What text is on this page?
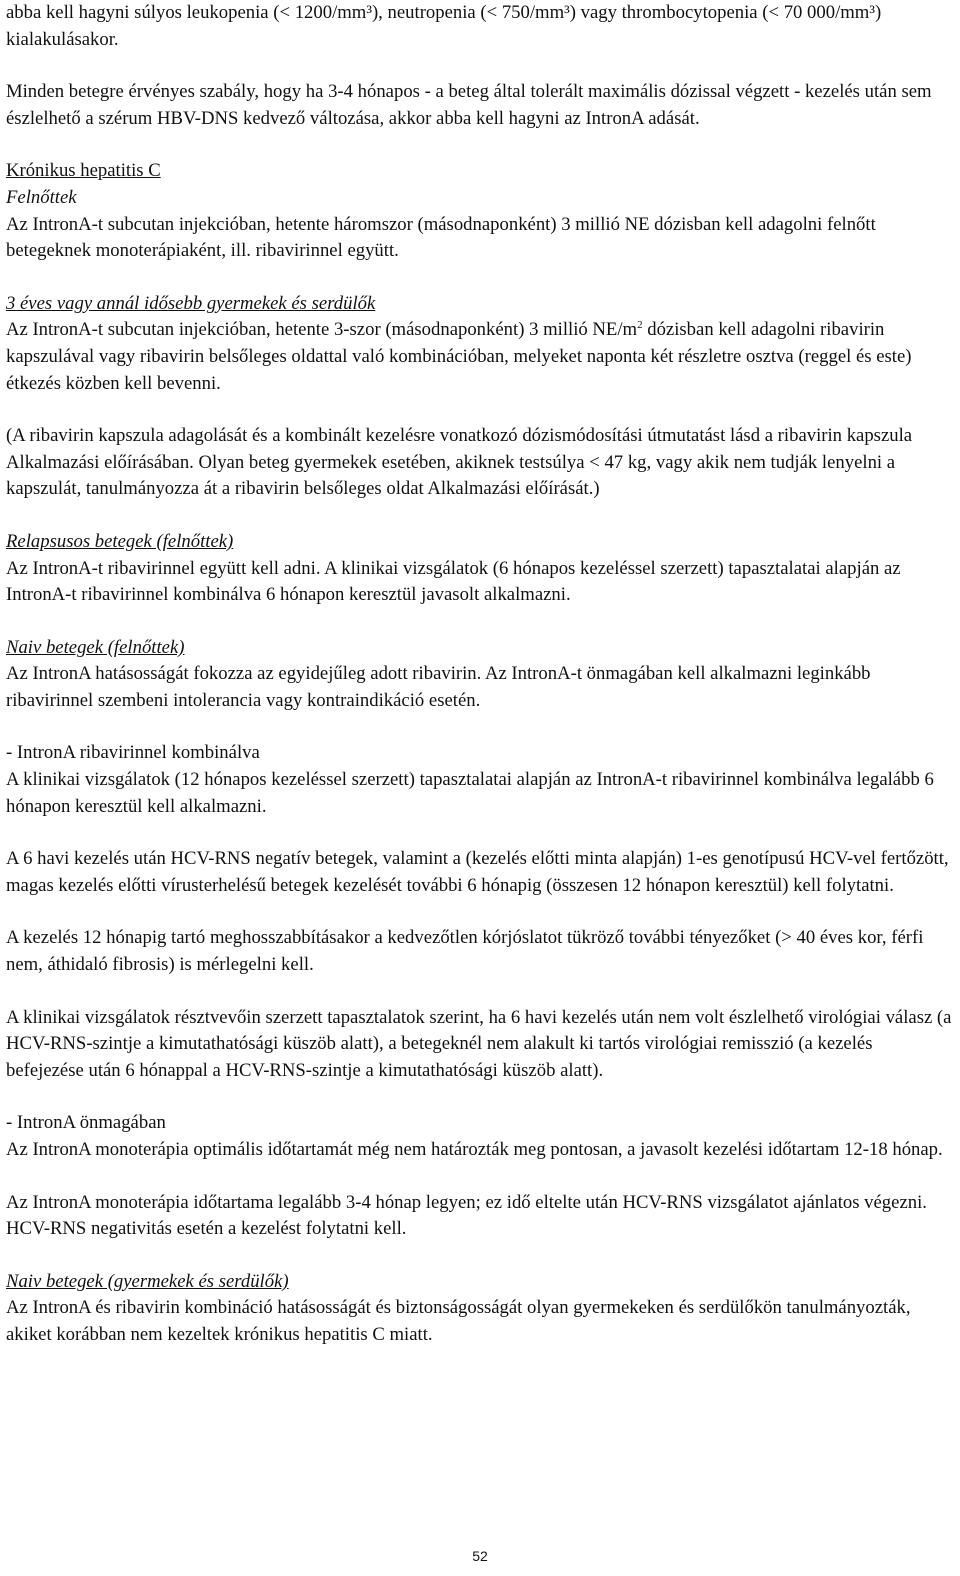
abba kell hagyni súlyos leukopenia (< 1200/mm³), neutropenia (< 750/mm³) vagy thrombocytopenia (< 70 000/mm³) kialakulásakor.

Minden betegre érvényes szabály, hogy ha 3-4 hónapos - a beteg által tolerált maximális dózissal végzett - kezelés után sem észlelhető a szérum HBV-DNS kedvező változása, akkor abba kell hagyni az IntronA adását.

Krónikus hepatitis C

Felnőttek

Az IntronA-t subcutan injekcióban, hetente háromszor (másodnaponként) 3 millió NE dózisban kell adagolni felnőtt betegeknek monoterápiaként, ill. ribavirinnel együtt.

3 éves vagy annál idősebb gyermekek és serdülők

Az IntronA-t subcutan injekcióban, hetente 3-szor (másodnaponként) 3 millió $NE/m^2$ dózisban kell adagolni ribavirin kapszulával vagy ribavirin belsőleges oldattal való kombinációban, melyeket naponta két részletre osztva (reggel és este) étkezés közben kell bevenni.

(A ribavirin kapszula adagolását és a kombinált kezelésre vonatkozó dózismódosítási útmutatást lásd a ribavirin kapszula Alkalmazási előírásában. Olyan beteg gyermekek esetében, akiknek testsúlya < 47 kg, vagy akik nem tudják lenyelni a kapszulát, tanulmányozza át a ribavirin belsőleges oldat Alkalmazási előírását.)

Relapsusos betegek (felnőttek)

Az IntronA-t ribavirinnel együtt kell adni. A klinikai vizsgálatok (6 hónapos kezeléssel szerzett) tapasztalatai alapján az IntronA-t ribavirinnel kombinálva 6 hónapon keresztül javasolt alkalmazni.

Naiv betegek (felnőttek)

Az IntronA hatásosságát fokozza az egyidejűleg adott ribavirin. Az IntronA-t önmagában kell alkalmazni leginkább ribavirinnel szembeni intolerancia vagy kontraindikáció esetén.

- IntronA ribavirinnel kombinálva

A klinikai vizsgálatok (12 hónapos kezeléssel szerzett) tapasztalatai alapján az IntronA-t ribavirinnel kombinálva legalább 6 hónapon keresztül kell alkalmazni.

A 6 havi kezelés után HCV-RNS negatív betegek, valamint a (kezelés előtti minta alapján) 1-es genotípusú HCV-vel fertőzött, magas kezelés előtti vírusterhelésű betegek kezelését további 6 hónapig (összesen 12 hónapon keresztül) kell folytatni.

A kezelés 12 hónapig tartó meghosszabbításakor a kedvezőtlen kórjóslatot tükröző további tényezőket (> 40 éves kor, férfi nem, áthidaló fibrosis) is mérlegelni kell.

A klinikai vizsgálatok résztvevőin szerzett tapasztalatok szerint, ha 6 havi kezelés után nem volt észlelhető virológiai válasz (a HCV-RNS-szintje a kimutathatósági küszöb alatt), a betegeknél nem alakult ki tartós virológiai remisszió (a kezelés befejezése után 6 hónappal a HCV-RNS-szintje a kimutathatósági küszöb alatt).

- IntronA önmagában

Az IntronA monoterápia optimális időtartamát még nem határozták meg pontosan, a javasolt kezelési időtartam 12-18 hónap.

Az IntronA monoterápia időtartama legalább 3-4 hónap legyen; ez idő eltelte után HCV-RNS vizsgálatot ajánlatos végezni. HCV-RNS negativitás esetén a kezelést folytatni kell.

Naiv betegek (gyermekek és serdülők)

Az IntronA és ribavirin kombináció hatásosságát és biztonságosságát olyan gyermekeken és serdülőkön tanulmányozták, akiket korábban nem kezeltek krónikus hepatitis C miatt.

52
